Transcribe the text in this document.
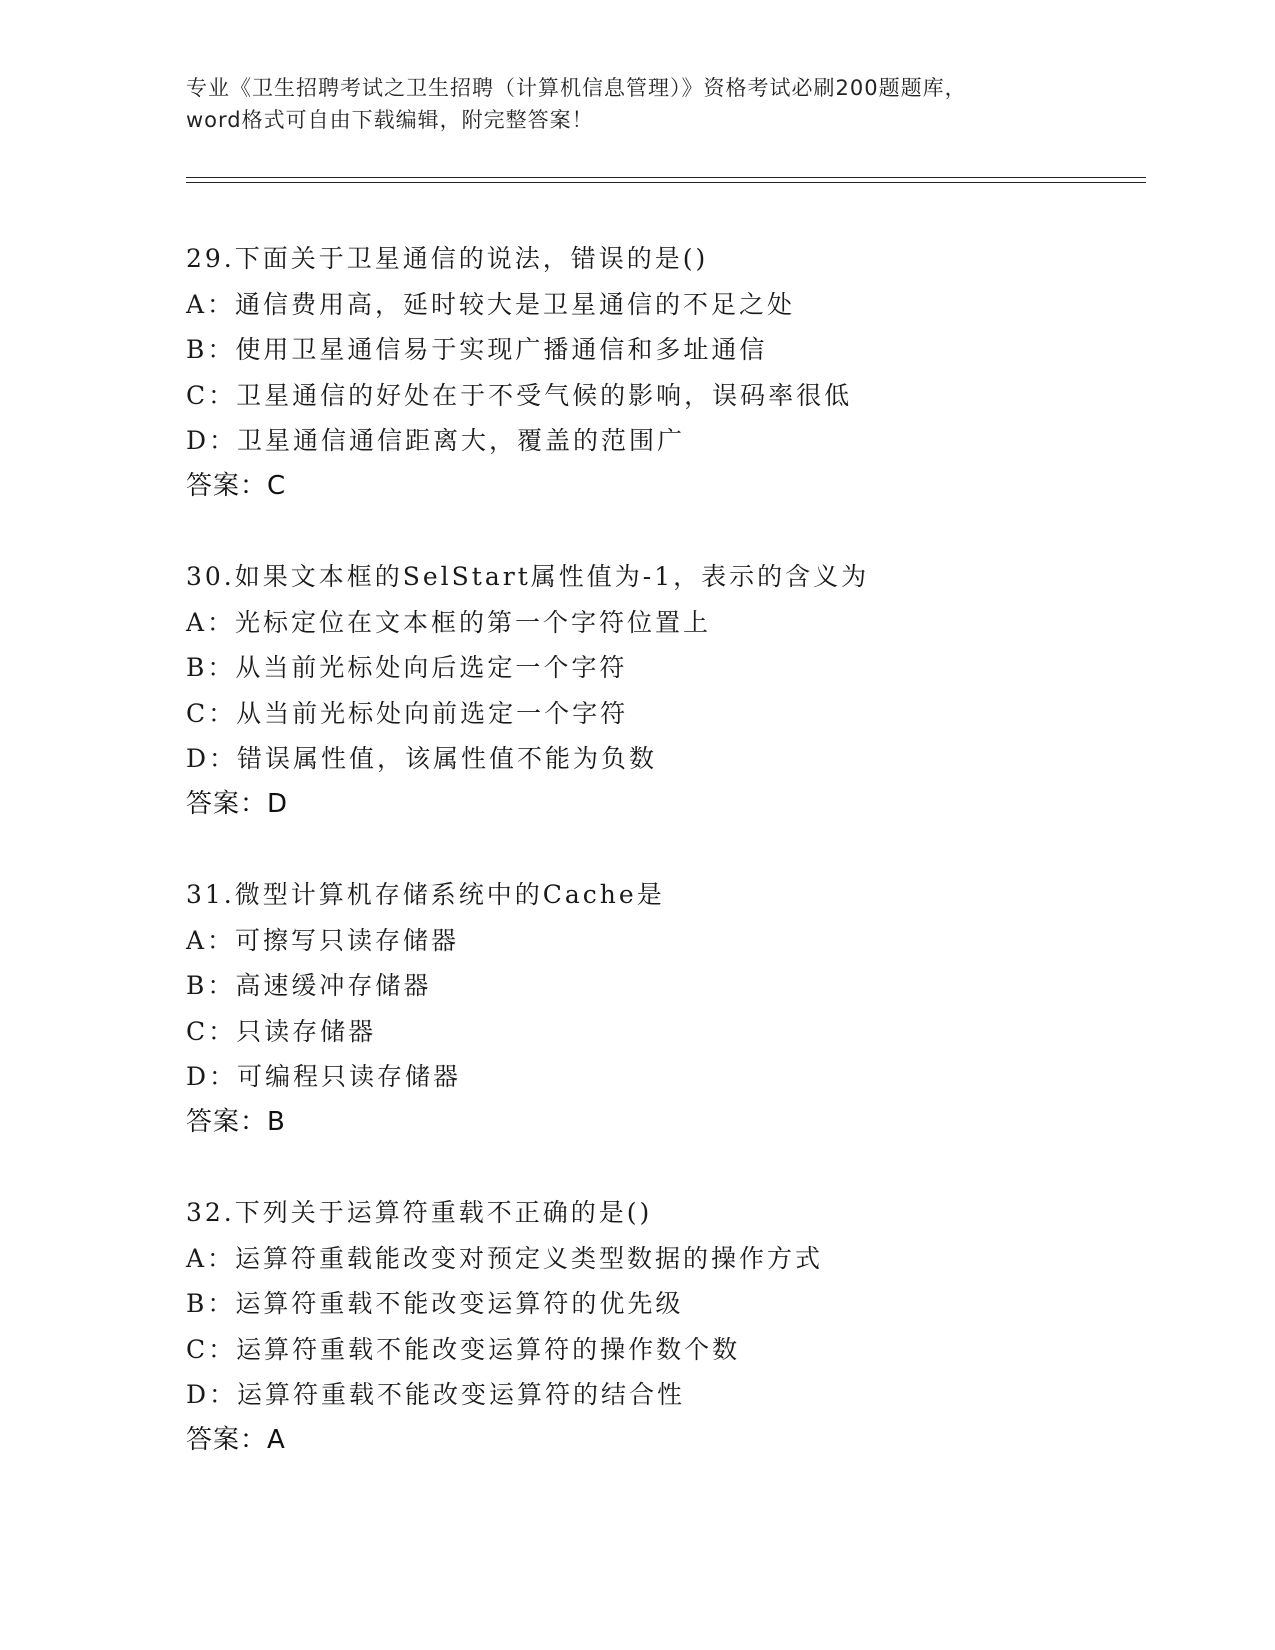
专业《卫生招聘考试之卫生招聘（计算机信息管理）》资格考试必刷200题题库，
word格式可自由下载编辑，附完整答案！
29.下面关于卫星通信的说法，错误的是()
A：通信费用高，延时较大是卫星通信的不足之处
B：使用卫星通信易于实现广播通信和多址通信
C：卫星通信的好处在于不受气候的影响，误码率很低
D：卫星通信通信距离大，覆盖的范围广
答案：C
30.如果文本框的SelStart属性值为-1，表示的含义为
A：光标定位在文本框的第一个字符位置上
B：从当前光标处向后选定一个字符
C：从当前光标处向前选定一个字符
D：错误属性值，该属性值不能为负数
答案：D
31.微型计算机存储系统中的Cache是
A：可擦写只读存储器
B：高速缓冲存储器
C：只读存储器
D：可编程只读存储器
答案：B
32.下列关于运算符重载不正确的是()
A：运算符重载能改变对预定义类型数据的操作方式
B：运算符重载不能改变运算符的优先级
C：运算符重载不能改变运算符的操作数个数
D：运算符重载不能改变运算符的结合性
答案：A
